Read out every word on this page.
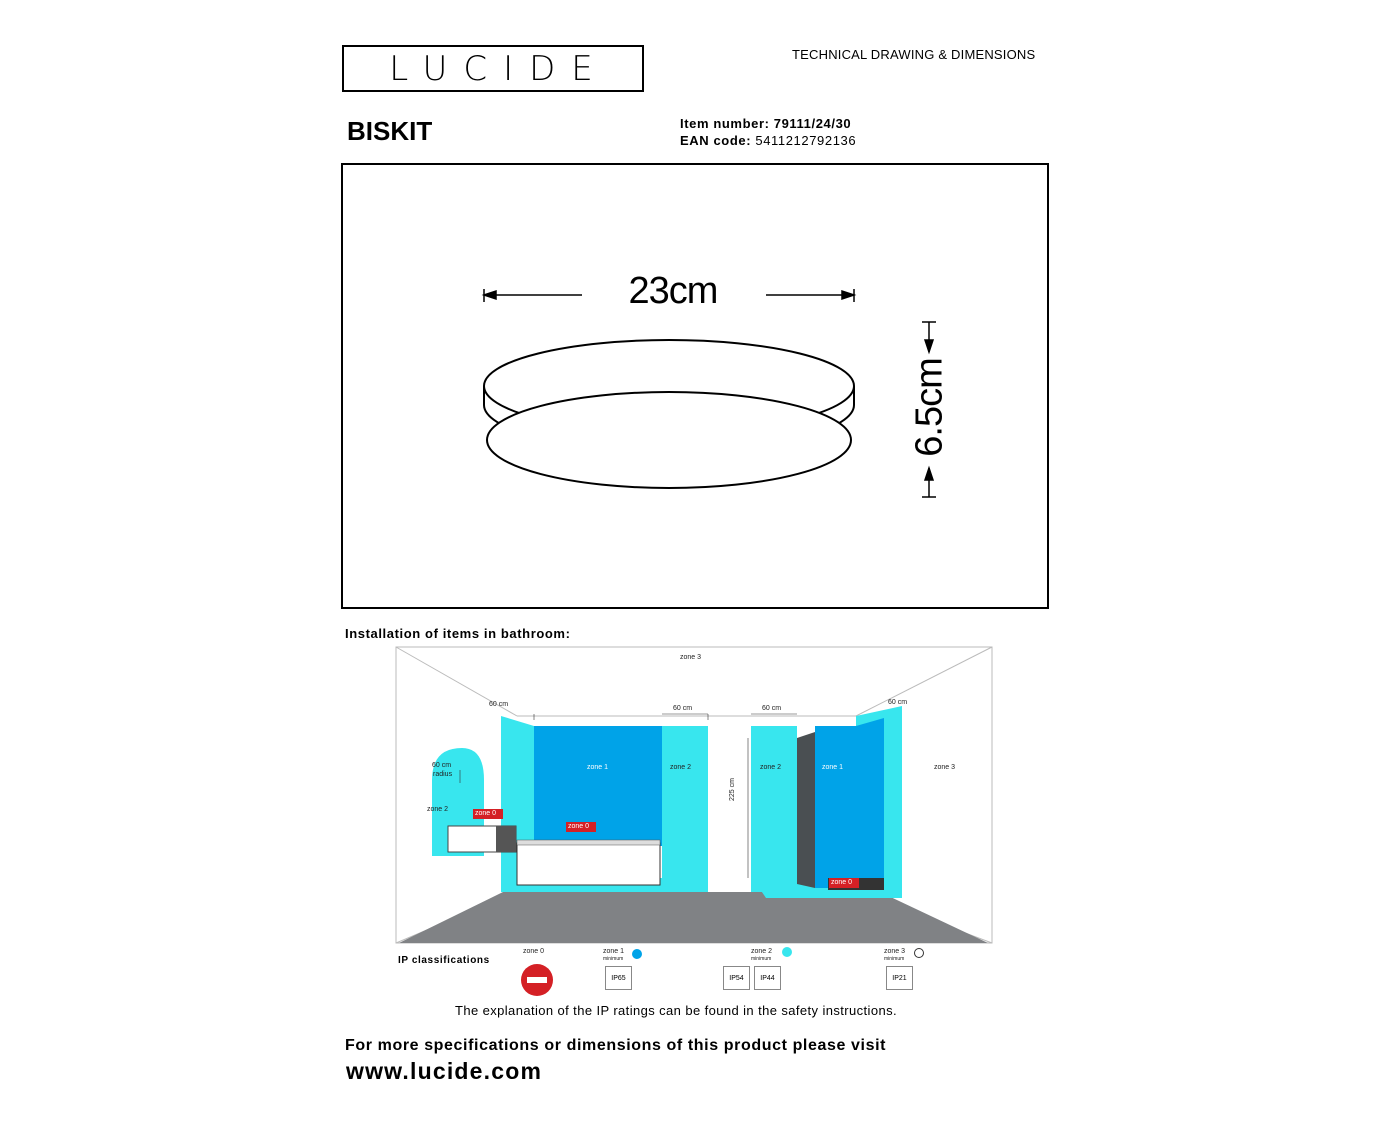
LUCIDE	TECHNICAL DRAWING & DIMENSIONS
BISKIT	Item number: 79111/24/30
EAN code: 5411212792136
23cm
6.5cm
Installation of items in bathroom:
zone 3
60 cm
60 cm	60 cm
60 cm
60 cm
radius
zone 2
zone 0
zone 1	zone 2
zone 0
225 cm
zone 2	zone 1
zone 0
zone 3
IP classifications
zone 0	zone 1
minimum
IP65
zone 2
minimum
IP54	IP44
zone 3
minimum
IP21
The explanation of the IP ratings can be found in the safety instructions.
For more specifications or dimensions of this product please visit
www.lucide.com
